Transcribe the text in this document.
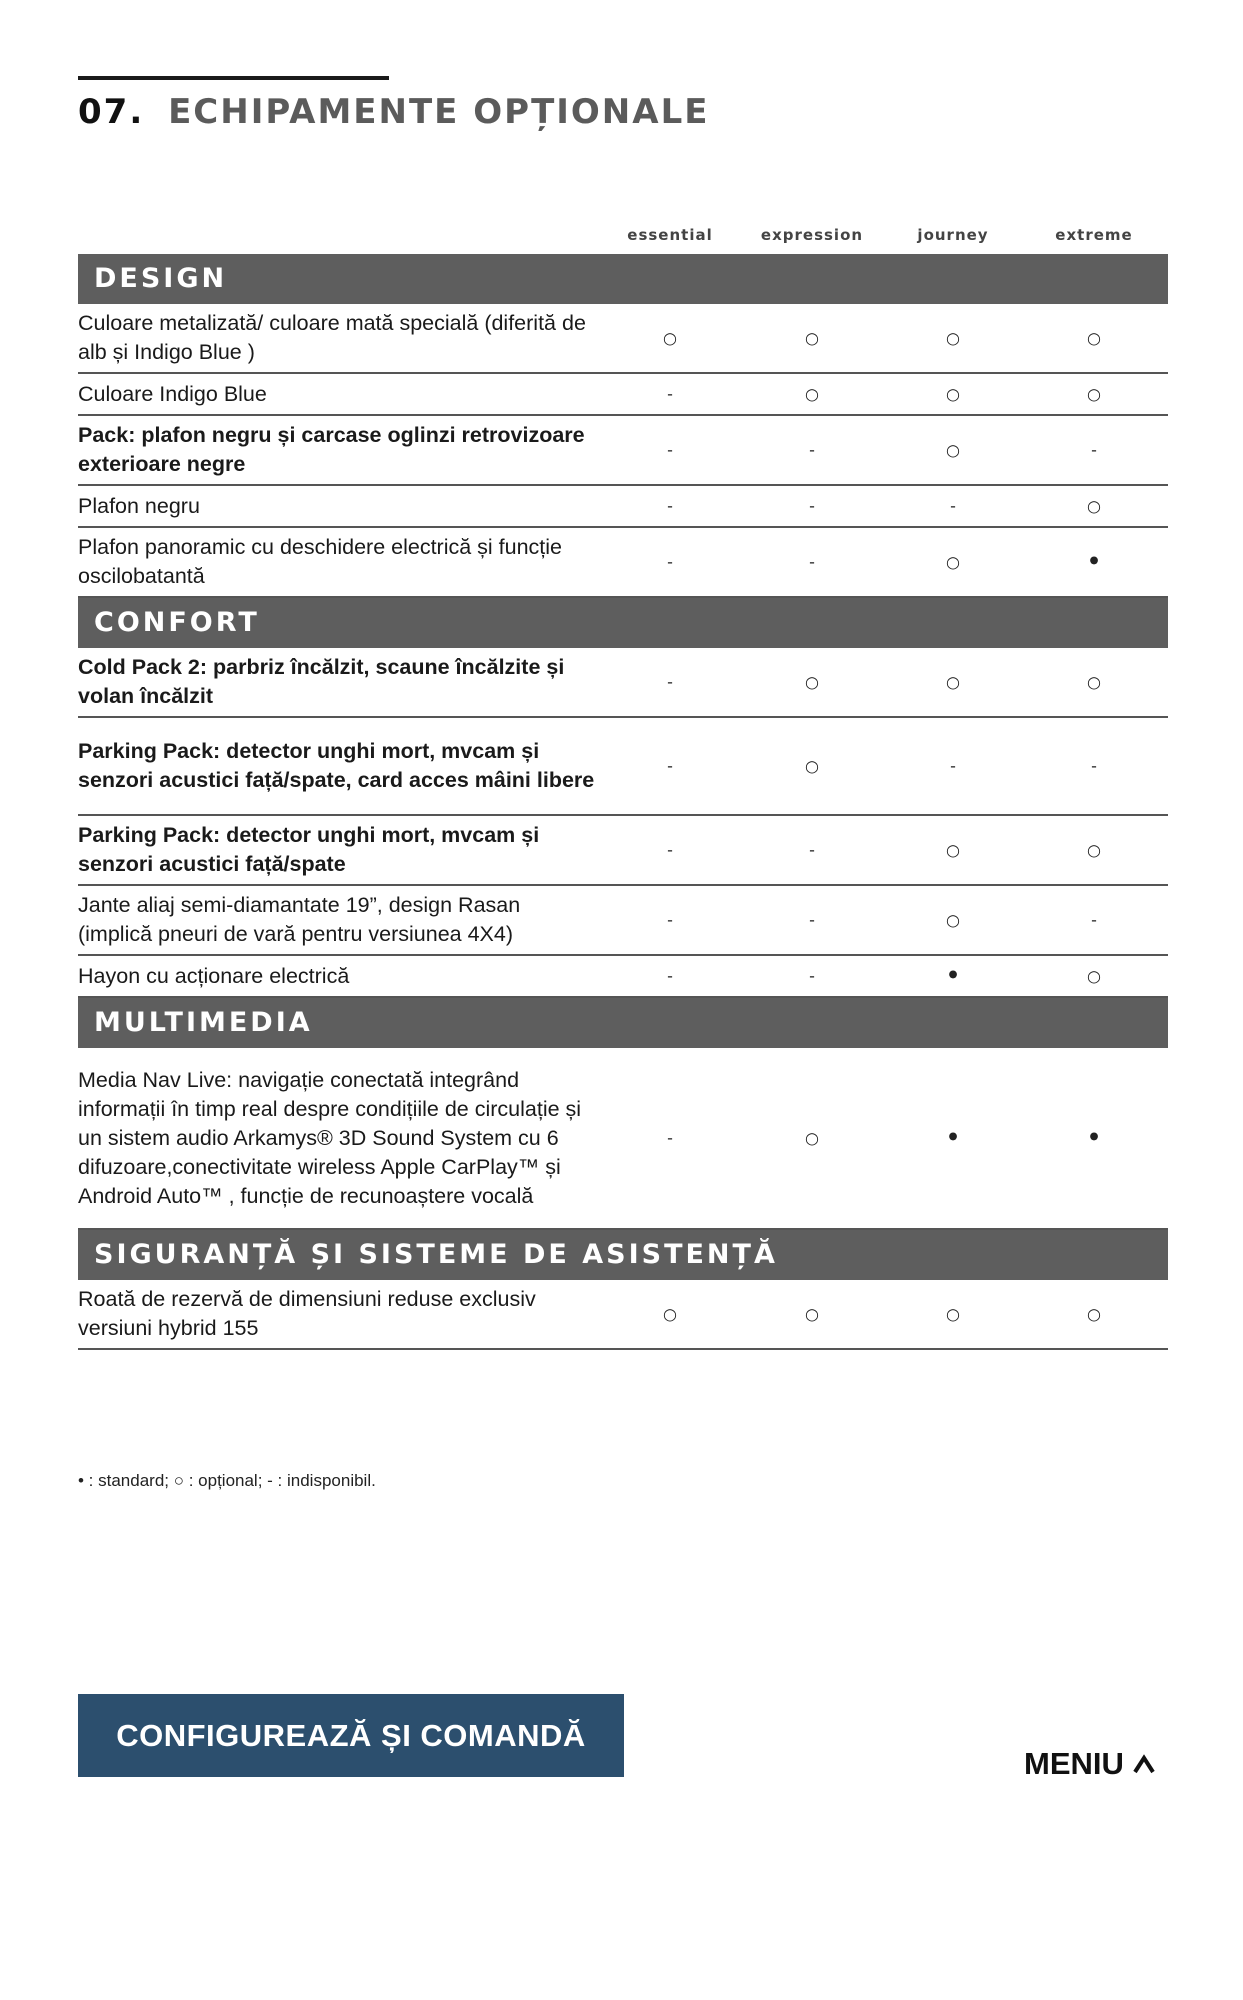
07. ECHIPAMENTE OPȚIONALE
essential	expression	journey	extreme
DESIGN
Culoare metalizată/ culoare mată specială (diferită de alb și Indigo Blue )
○	○	○	○
Culoare Indigo Blue	-	○	○	○
Pack: plafon negru și carcase oglinzi retrovizoare exterioare negre
-	-	○	-
Plafon negru	-	-	-	○
Plafon panoramic cu deschidere electrică și funcție oscilobatantă
-	-	○	•
CONFORT
Cold Pack 2: parbriz încălzit, scaune încălzite și volan încălzit
-	○	○	○
Parking Pack: detector unghi mort, mvcam și senzori acustici față/spate, card acces mâini libere
-	○	-	-
Parking Pack: detector unghi mort, mvcam și senzori acustici față/spate
-	-	○	○
Jante aliaj semi-diamantate 19”, design Rasan (implică pneuri de vară pentru versiunea 4X4)
-	-	○	-
Hayon cu acționare electrică	-	-	•	○
MULTIMEDIA
Media Nav Live: navigație conectată integrând informații în timp real despre condițiile de circulație și un sistem audio Arkamys® 3D Sound System cu 6 difuzoare,conectivitate wireless Apple CarPlay™ și Android Auto™ , funcție de recunoaștere vocală
-	○	•	•
SIGURANȚĂ ȘI SISTEME DE ASISTENȚĂ
Roată de rezervă de dimensiuni reduse exclusiv versiuni hybrid 155
○	○	○	○
• : standard; ○ : opțional; - : indisponibil.
CONFIGUREAZĂ ȘI COMANDĂ
MENIU
